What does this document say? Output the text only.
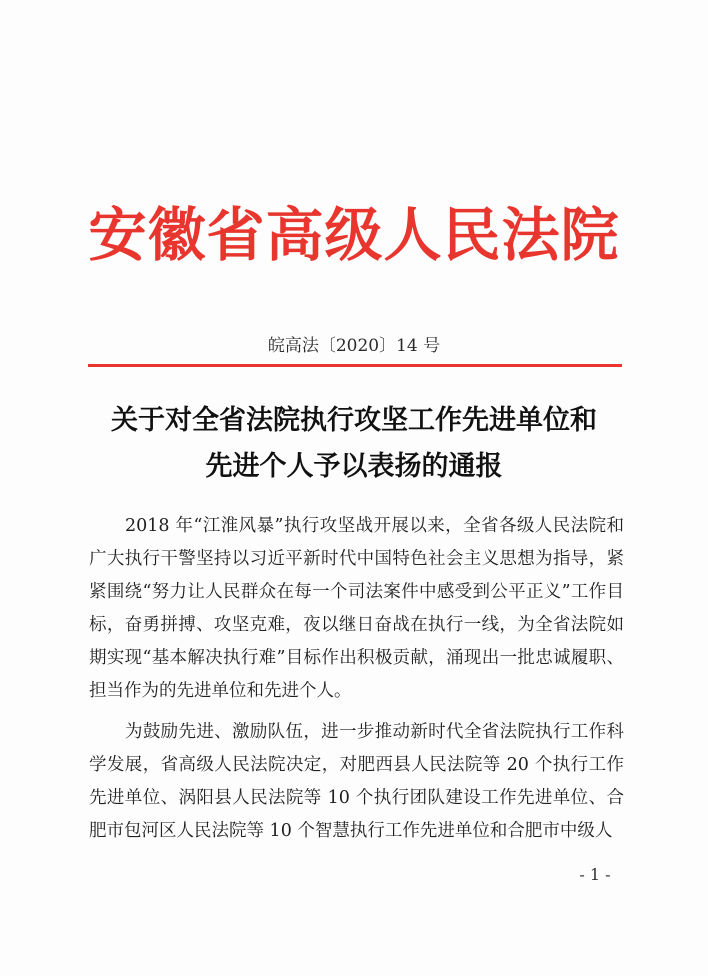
安徽省高级人民法院
皖高法〔2020〕14 号
关于对全省法院执行攻坚工作先进单位和
先进个人予以表扬的通报

2018 年“江淮风暴”执行攻坚战开展以来，全省各级人民法院和广大执行干警坚持以习近平新时代中国特色社会主义思想为指导，紧紧围绕“努力让人民群众在每一个司法案件中感受到公平正义”工作目标，奋勇拼搏、攻坚克难，夜以继日奋战在执行一线，为全省法院如期实现“基本解决执行难”目标作出积极贡献，涌现出一批忠诚履职、担当作为的先进单位和先进个人。

为鼓励先进、激励队伍，进一步推动新时代全省法院执行工作科学发展，省高级人民法院决定，对肥西县人民法院等 20 个执行工作先进单位、涡阳县人民法院等 10 个执行团队建设工作先进单位、合肥市包河区人民法院等 10 个智慧执行工作先进单位和合肥市中级人

- 1 -
